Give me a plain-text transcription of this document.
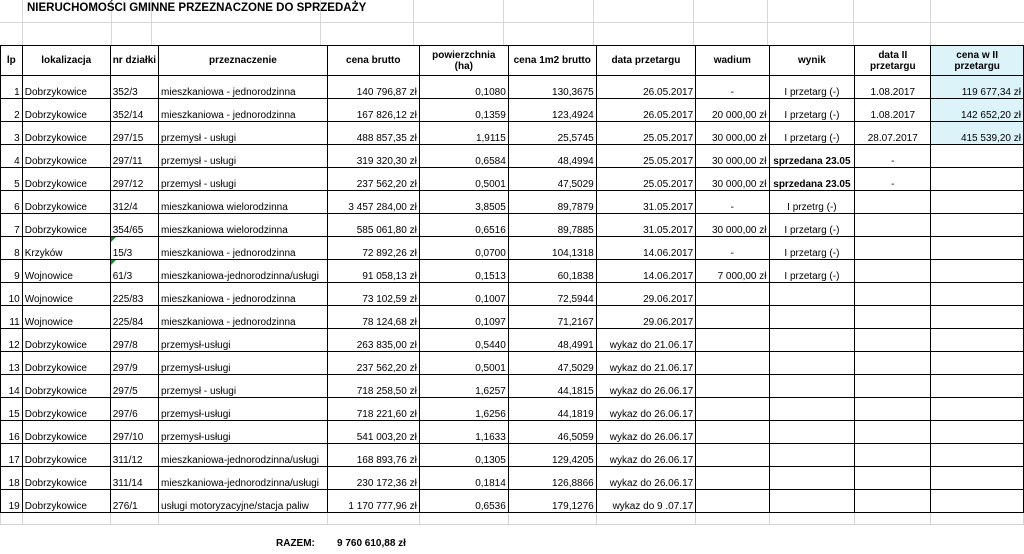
NIERUCHOMOŚCI GMINNE PRZEZNACZONE DO SPRZEDAŻY
lp	lokalizacja	nr działki	przeznaczenie	cena brutto	powierzchnia (ha)	cena 1m2 brutto	data przetargu	wadium	wynik	data II przetargu	cena w II przetargu
1	Dobrzykowice	352/3	mieszkaniowa - jednorodzinna	140 796,87 zł	0,1080	130,3675	26.05.2017	-	I przetarg (-)	1.08.2017	119 677,34 zł
2	Dobrzykowice	352/14	mieszkaniowa - jednorodzinna	167 826,12 zł	0,1359	123,4924	26.05.2017	20 000,00 zł	I przetarg (-)	1.08.2017	142 652,20 zł
3	Dobrzykowice	297/15	przemysł - usługi	488 857,35 zł	1,9115	25,5745	25.05.2017	30 000,00 zł	I przetarg (-)	28.07.2017	415 539,20 zł
4	Dobrzykowice	297/11	przemysł - usługi	319 320,30 zł	0,6584	48,4994	25.05.2017	30 000,00 zł	sprzedana 23.05	-	
5	Dobrzykowice	297/12	przemysł - usługi	237 562,20 zł	0,5001	47,5029	25.05.2017	30 000,00 zł	sprzedana 23.05	-	
6	Dobrzykowice	312/4	mieszkaniowa wielorodzinna	3 457 284,00 zł	3,8505	89,7879	31.05.2017	-	I przetrg (-)		
7	Dobrzykowice	354/65	mieszkaniowa wielorodzinna	585 061,80 zł	0,6516	89,7885	31.05.2017	30 000,00 zł	I przetarg (-)		
8	Krzyków	15/3	mieszkaniowa - jednorodzinna	72 892,26 zł	0,0700	104,1318	14.06.2017	-	I przetarg (-)		
9	Wojnowice	61/3	mieszkaniowa-jednorodzinna/usługi	91 058,13 zł	0,1513	60,1838	14.06.2017	7 000,00 zł	I przetarg (-)		
10	Wojnowice	225/83	mieszkaniowa - jednorodzinna	73 102,59 zł	0,1007	72,5944	29.06.2017				
11	Wojnowice	225/84	mieszkaniowa - jednorodzinna	78 124,68 zł	0,1097	71,2167	29.06.2017				
12	Dobrzykowice	297/8	przemysł-usługi	263 835,00 zł	0,5440	48,4991	wykaz do 21.06.17				
13	Dobrzykowice	297/9	przemysł-usługi	237 562,20 zł	0,5001	47,5029	wykaz do 21.06.17				
14	Dobrzykowice	297/5	przemysł - usługi	718 258,50 zł	1,6257	44,1815	wykaz do 26.06.17				
15	Dobrzykowice	297/6	przemysł-usługi	718 221,60 zł	1,6256	44,1819	wykaz do 26.06.17				
16	Dobrzykowice	297/10	przemysł-usługi	541 003,20 zł	1,1633	46,5059	wykaz do 26.06.17				
17	Dobrzykowice	311/12	mieszkaniowa-jednorodzinna/usługi	168 893,76 zł	0,1305	129,4205	wykaz do 26.06.17				
18	Dobrzykowice	311/14	mieszkaniowa-jednorodzinna/usługi	230 172,36 zł	0,1814	126,8866	wykaz do 26.06.17				
19	Dobrzykowice	276/1	usługi motoryzacyjne/stacja paliw	1 170 777,96 zł	0,6536	179,1276	wykaz do 9 .07.17				

RAZEM: 9 760 610,88 zł
